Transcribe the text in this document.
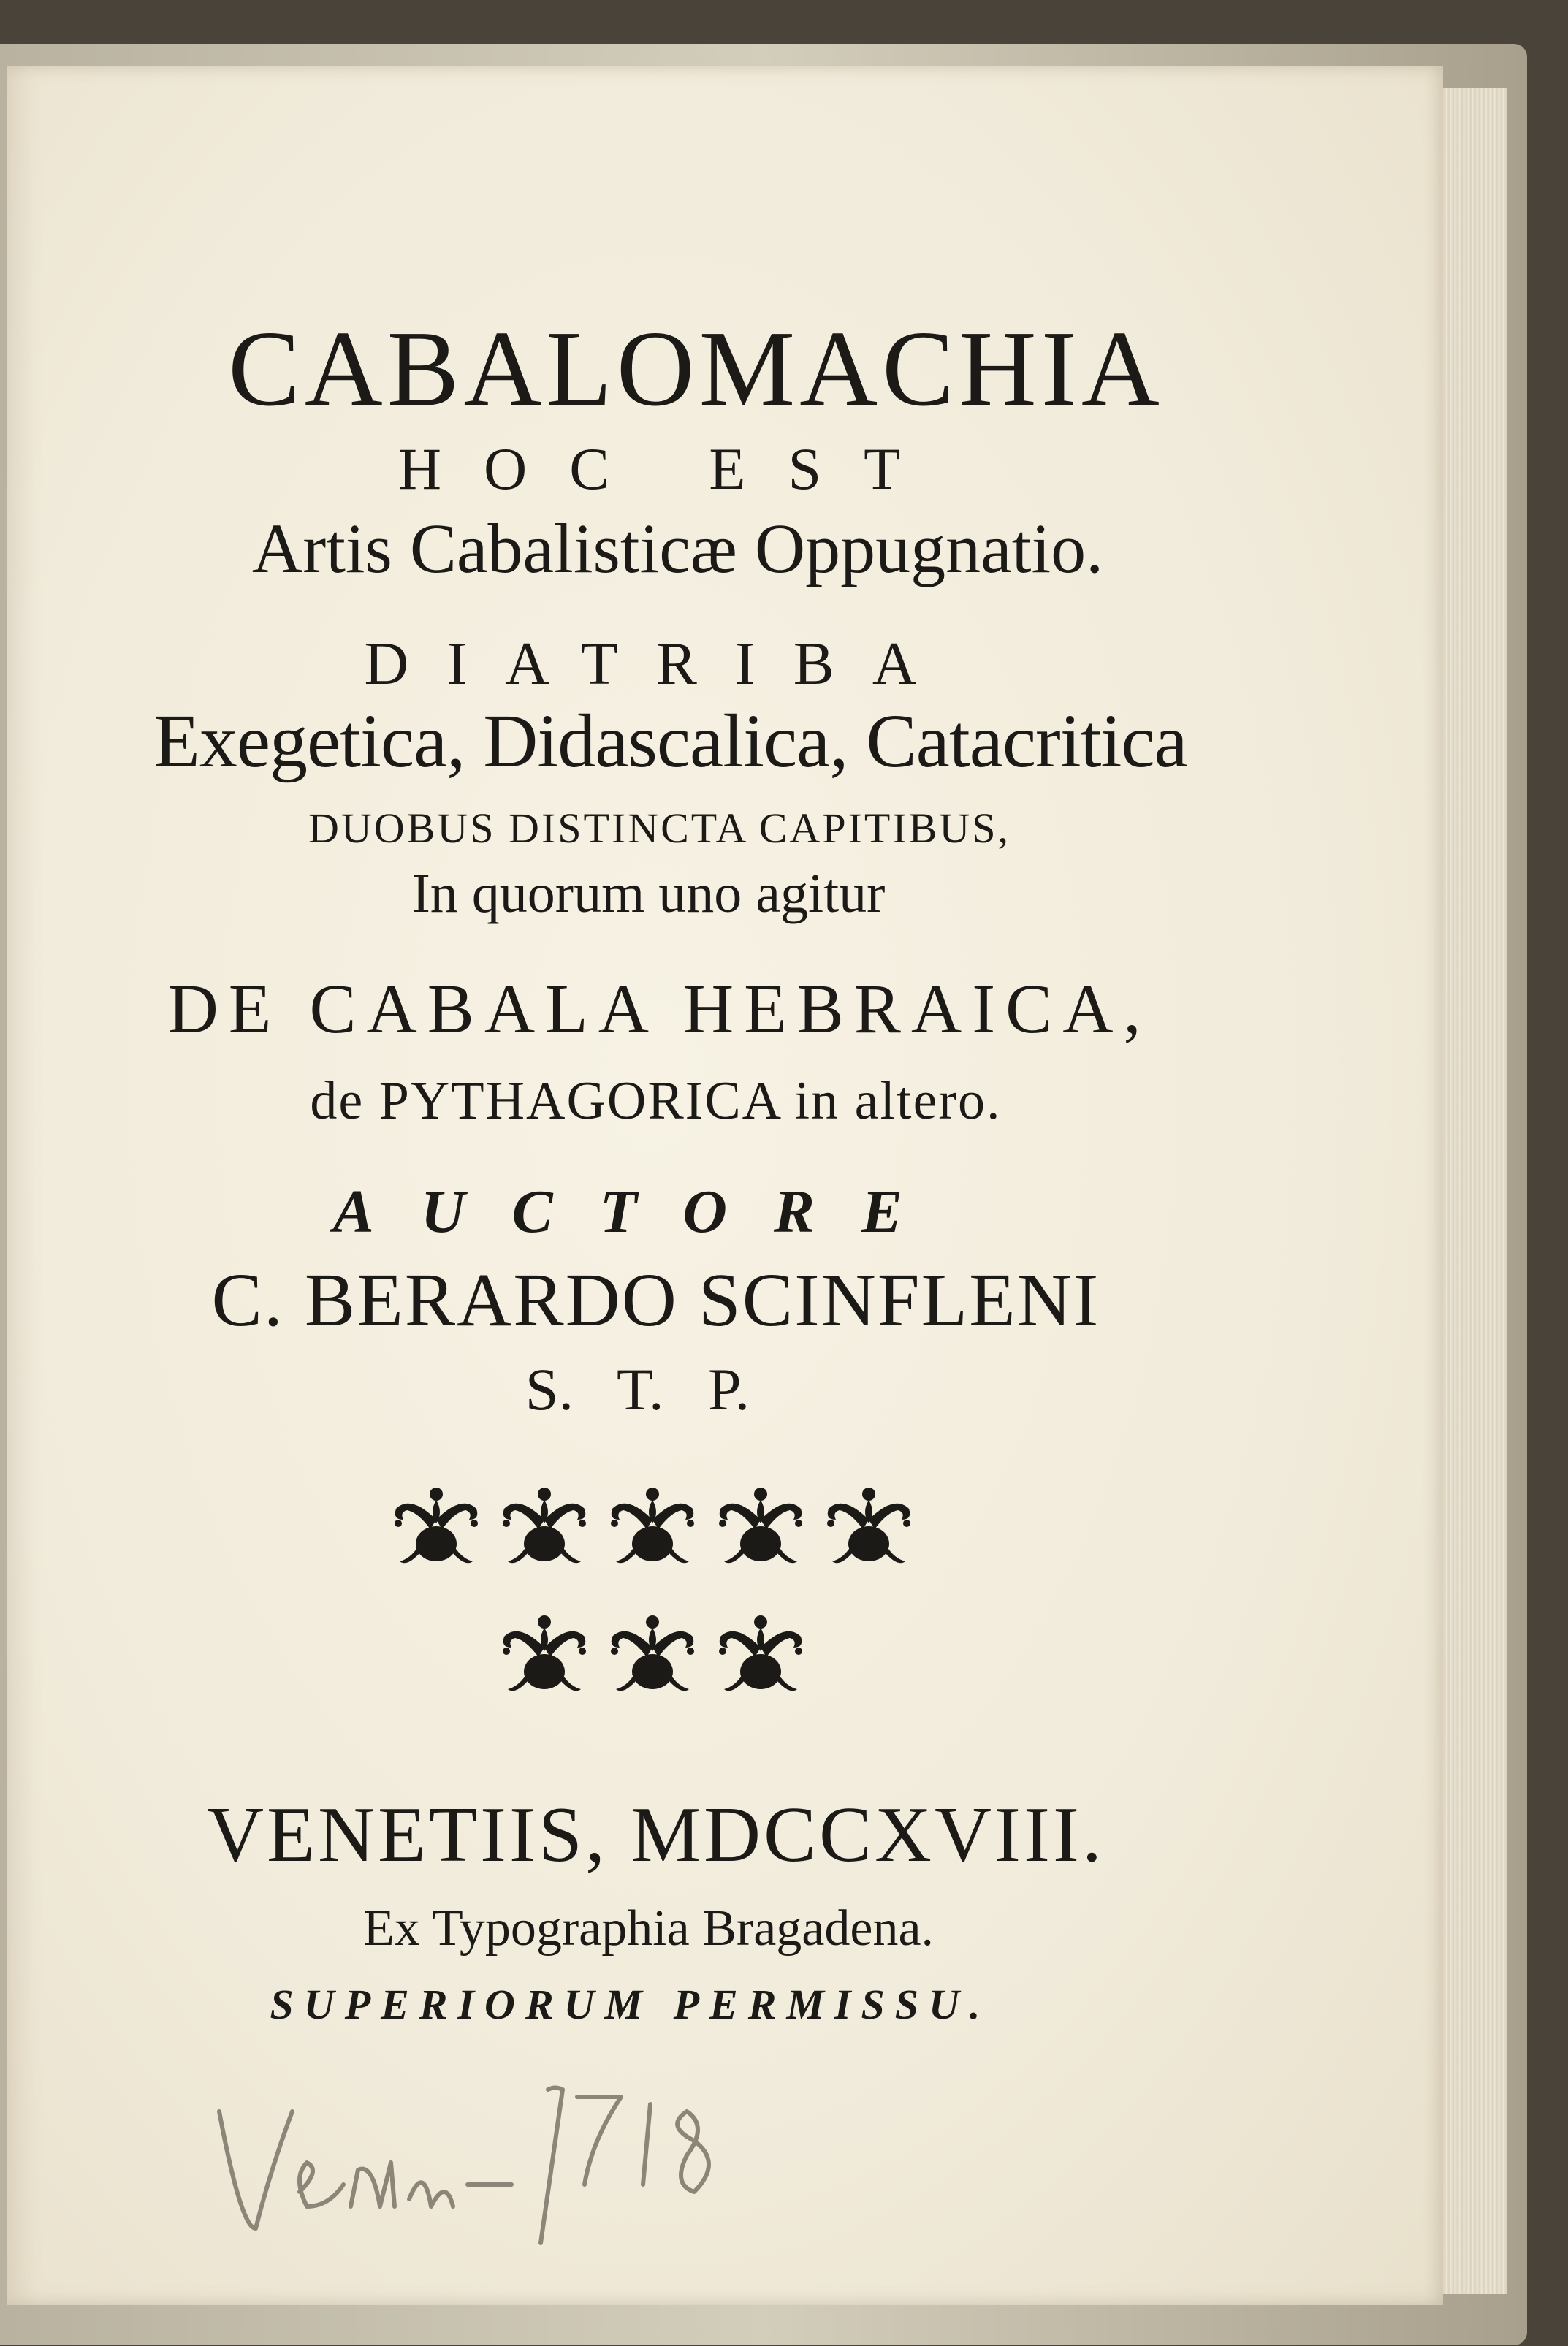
CABALOMACHIA
HOC EST
Artis Cabalisticæ Oppugnatio.
DIATRIBA
Exegetica, Didascalica, Catacritica
DUOBUS DISTINCTA CAPITIBUS,
In quorum uno agitur
DE CABALA HEBRAICA,
de PYTHAGORICA in altero.
AUCTORE
C. BERARDO SCINFLENI
S. T. P.
VENETIIS, MDCCXVIII.
Ex Typographia Bragadena.
SUPERIORUM PERMISSU.
